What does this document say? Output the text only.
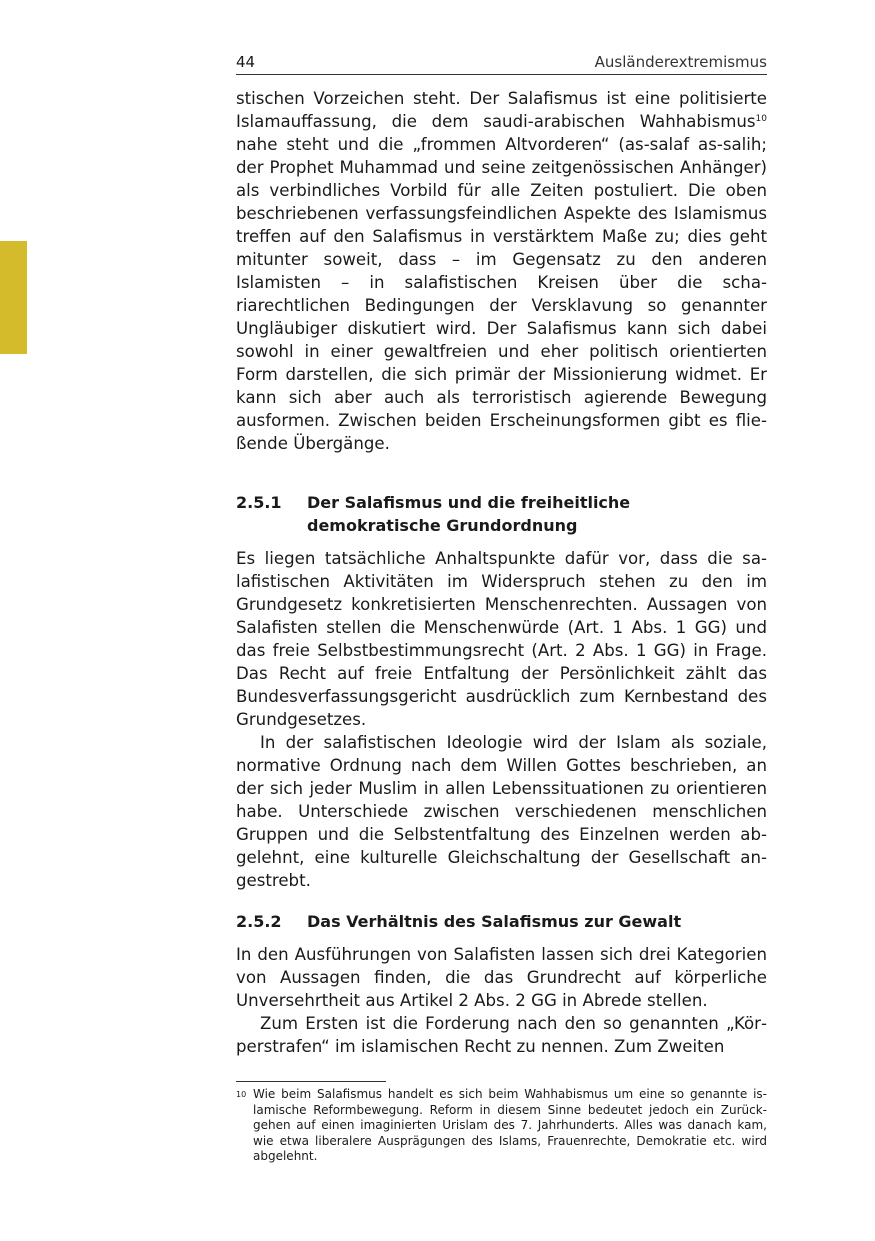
44	Ausländerextremismus

stischen Vorzeichen steht. Der Salafismus ist eine politisierte Islamauffassung, die dem saudi-arabischen Wahhabismus$^{10}$ nahe steht und die „frommen Altvorderen“ (as-salaf as-salih; der Prophet Muhammad und seine zeitgenössischen Anhänger) als verbindliches Vorbild für alle Zeiten postuliert. Die oben beschriebenen verfassungsfeindlichen Aspekte des Islamismus treffen auf den Salafismus in verstärktem Maße zu; dies geht mitunter soweit, dass – im Gegensatz zu den anderen Islamisten – in salafistischen Kreisen über die schariarechtlichen Bedingungen der Versklavung so genannter Ungläubiger diskutiert wird. Der Salafismus kann sich dabei sowohl in einer gewaltfreien und eher politisch orientierten Form darstellen, die sich primär der Missionierung widmet. Er kann sich aber auch als terroristisch agierende Bewegung ausformen. Zwischen beiden Erscheinungsformen gibt es fließende Übergänge.

2.5.1 Der Salafismus und die freiheitliche demokratische Grundordnung

Es liegen tatsächliche Anhaltspunkte dafür vor, dass die salafistischen Aktivitäten im Widerspruch stehen zu den im Grundgesetz konkretisierten Menschenrechten. Aussagen von Salafisten stellen die Menschenwürde (Art. 1 Abs. 1 GG) und das freie Selbstbestimmungsrecht (Art. 2 Abs. 1 GG) in Frage. Das Recht auf freie Entfaltung der Persönlichkeit zählt das Bundesverfassungsgericht ausdrücklich zum Kernbestand des Grundgesetzes.

In der salafistischen Ideologie wird der Islam als soziale, normative Ordnung nach dem Willen Gottes beschrieben, an der sich jeder Muslim in allen Lebenssituationen zu orientieren habe. Unterschiede zwischen verschiedenen menschlichen Gruppen und die Selbstentfaltung des Einzelnen werden abgelehnt, eine kulturelle Gleichschaltung der Gesellschaft angestrebt.

2.5.2 Das Verhältnis des Salafismus zur Gewalt

In den Ausführungen von Salafisten lassen sich drei Kategorien von Aussagen finden, die das Grundrecht auf körperliche Unversehrtheit aus Artikel 2 Abs. 2 GG in Abrede stellen.

Zum Ersten ist die Forderung nach den so genannten „Körperstrafen“ im islamischen Recht zu nennen. Zum Zweiten

10 Wie beim Salafismus handelt es sich beim Wahhabismus um eine so genannte islamische Reformbewegung. Reform in diesem Sinne bedeutet jedoch ein Zurückgehen auf einen imaginierten Urislam des 7. Jahrhunderts. Alles was danach kam, wie etwa liberalere Ausprägungen des Islams, Frauenrechte, Demokratie etc. wird abgelehnt.
